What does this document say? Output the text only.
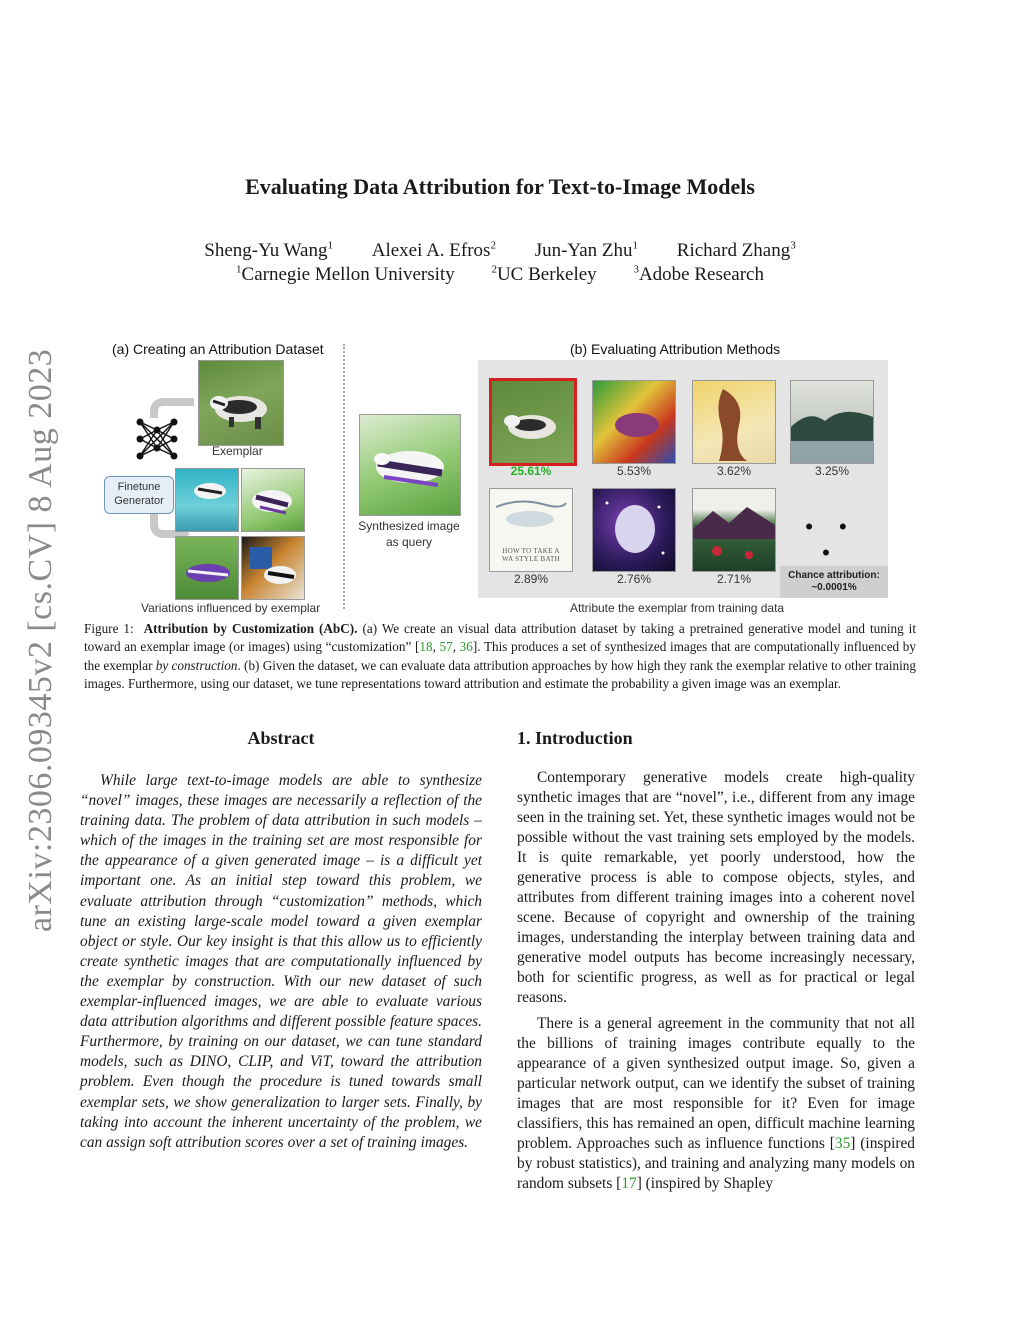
arXiv:2306.09345v2 [cs.CV] 8 Aug 2023
Evaluating Data Attribution for Text-to-Image Models
Sheng-Yu Wang$^1$ Alexei A. Efros$^2$ Jun-Yan Zhu$^1$ Richard Zhang$^3$
$^1$Carnegie Mellon University	$^2$UC Berkeley	$^3$Adobe Research
(a) Creating an Attribution Dataset
Exemplar
Finetune
Generator
Variations influenced by exemplar
Synthesized image
as query
(b) Evaluating Attribution Methods
25.61%	5.53%	3.62%	3.25%
HOW TO TAKE A
WA STYLE BATH
2.89%	2.76%	2.71%
• • •
Chance attribution:
~0.0001%
Attribute the exemplar from training data
Figure 1: Attribution by Customization (AbC). (a) We create an visual data attribution dataset by taking a pretrained generative model and tuning it toward an exemplar image (or images) using “customization” [18, 57, 36]. This produces a set of synthesized images that are computationally influenced by the exemplar by construction. (b) Given the dataset, we can evaluate data attribution approaches by how high they rank the exemplar relative to other training images. Furthermore, using our dataset, we tune representations toward attribution and estimate the probability a given image was an exemplar.
Abstract
While large text-to-image models are able to synthesize “novel” images, these images are necessarily a reflection of the training data. The problem of data attribution in such models – which of the images in the training set are most responsible for the appearance of a given generated image – is a difficult yet important one. As an initial step toward this problem, we evaluate attribution through “customization” methods, which tune an existing large-scale model toward a given exemplar object or style. Our key insight is that this allow us to efficiently create synthetic images that are computationally influenced by the exemplar by construction. With our new dataset of such exemplar-influenced images, we are able to evaluate various data attribution algorithms and different possible feature spaces. Furthermore, by training on our dataset, we can tune standard models, such as DINO, CLIP, and ViT, toward the attribution problem. Even though the procedure is tuned towards small exemplar sets, we show generalization to larger sets. Finally, by taking into account the inherent uncertainty of the problem, we can assign soft attribution scores over a set of training images.
1. Introduction
Contemporary generative models create high-quality synthetic images that are “novel”, i.e., different from any image seen in the training set. Yet, these synthetic images would not be possible without the vast training sets employed by the models. It is quite remarkable, yet poorly understood, how the generative process is able to compose objects, styles, and attributes from different training images into a coherent novel scene. Because of copyright and ownership of the training images, understanding the interplay between training data and generative model outputs has become increasingly necessary, both for scientific progress, as well as for practical or legal reasons.
There is a general agreement in the community that not all the billions of training images contribute equally to the appearance of a given synthesized output image. So, given a particular network output, can we identify the subset of training images that are most responsible for it? Even for image classifiers, this has remained an open, difficult machine learning problem. Approaches such as influence functions [35] (inspired by robust statistics), and training and analyzing many models on random subsets [17] (inspired by Shapley
